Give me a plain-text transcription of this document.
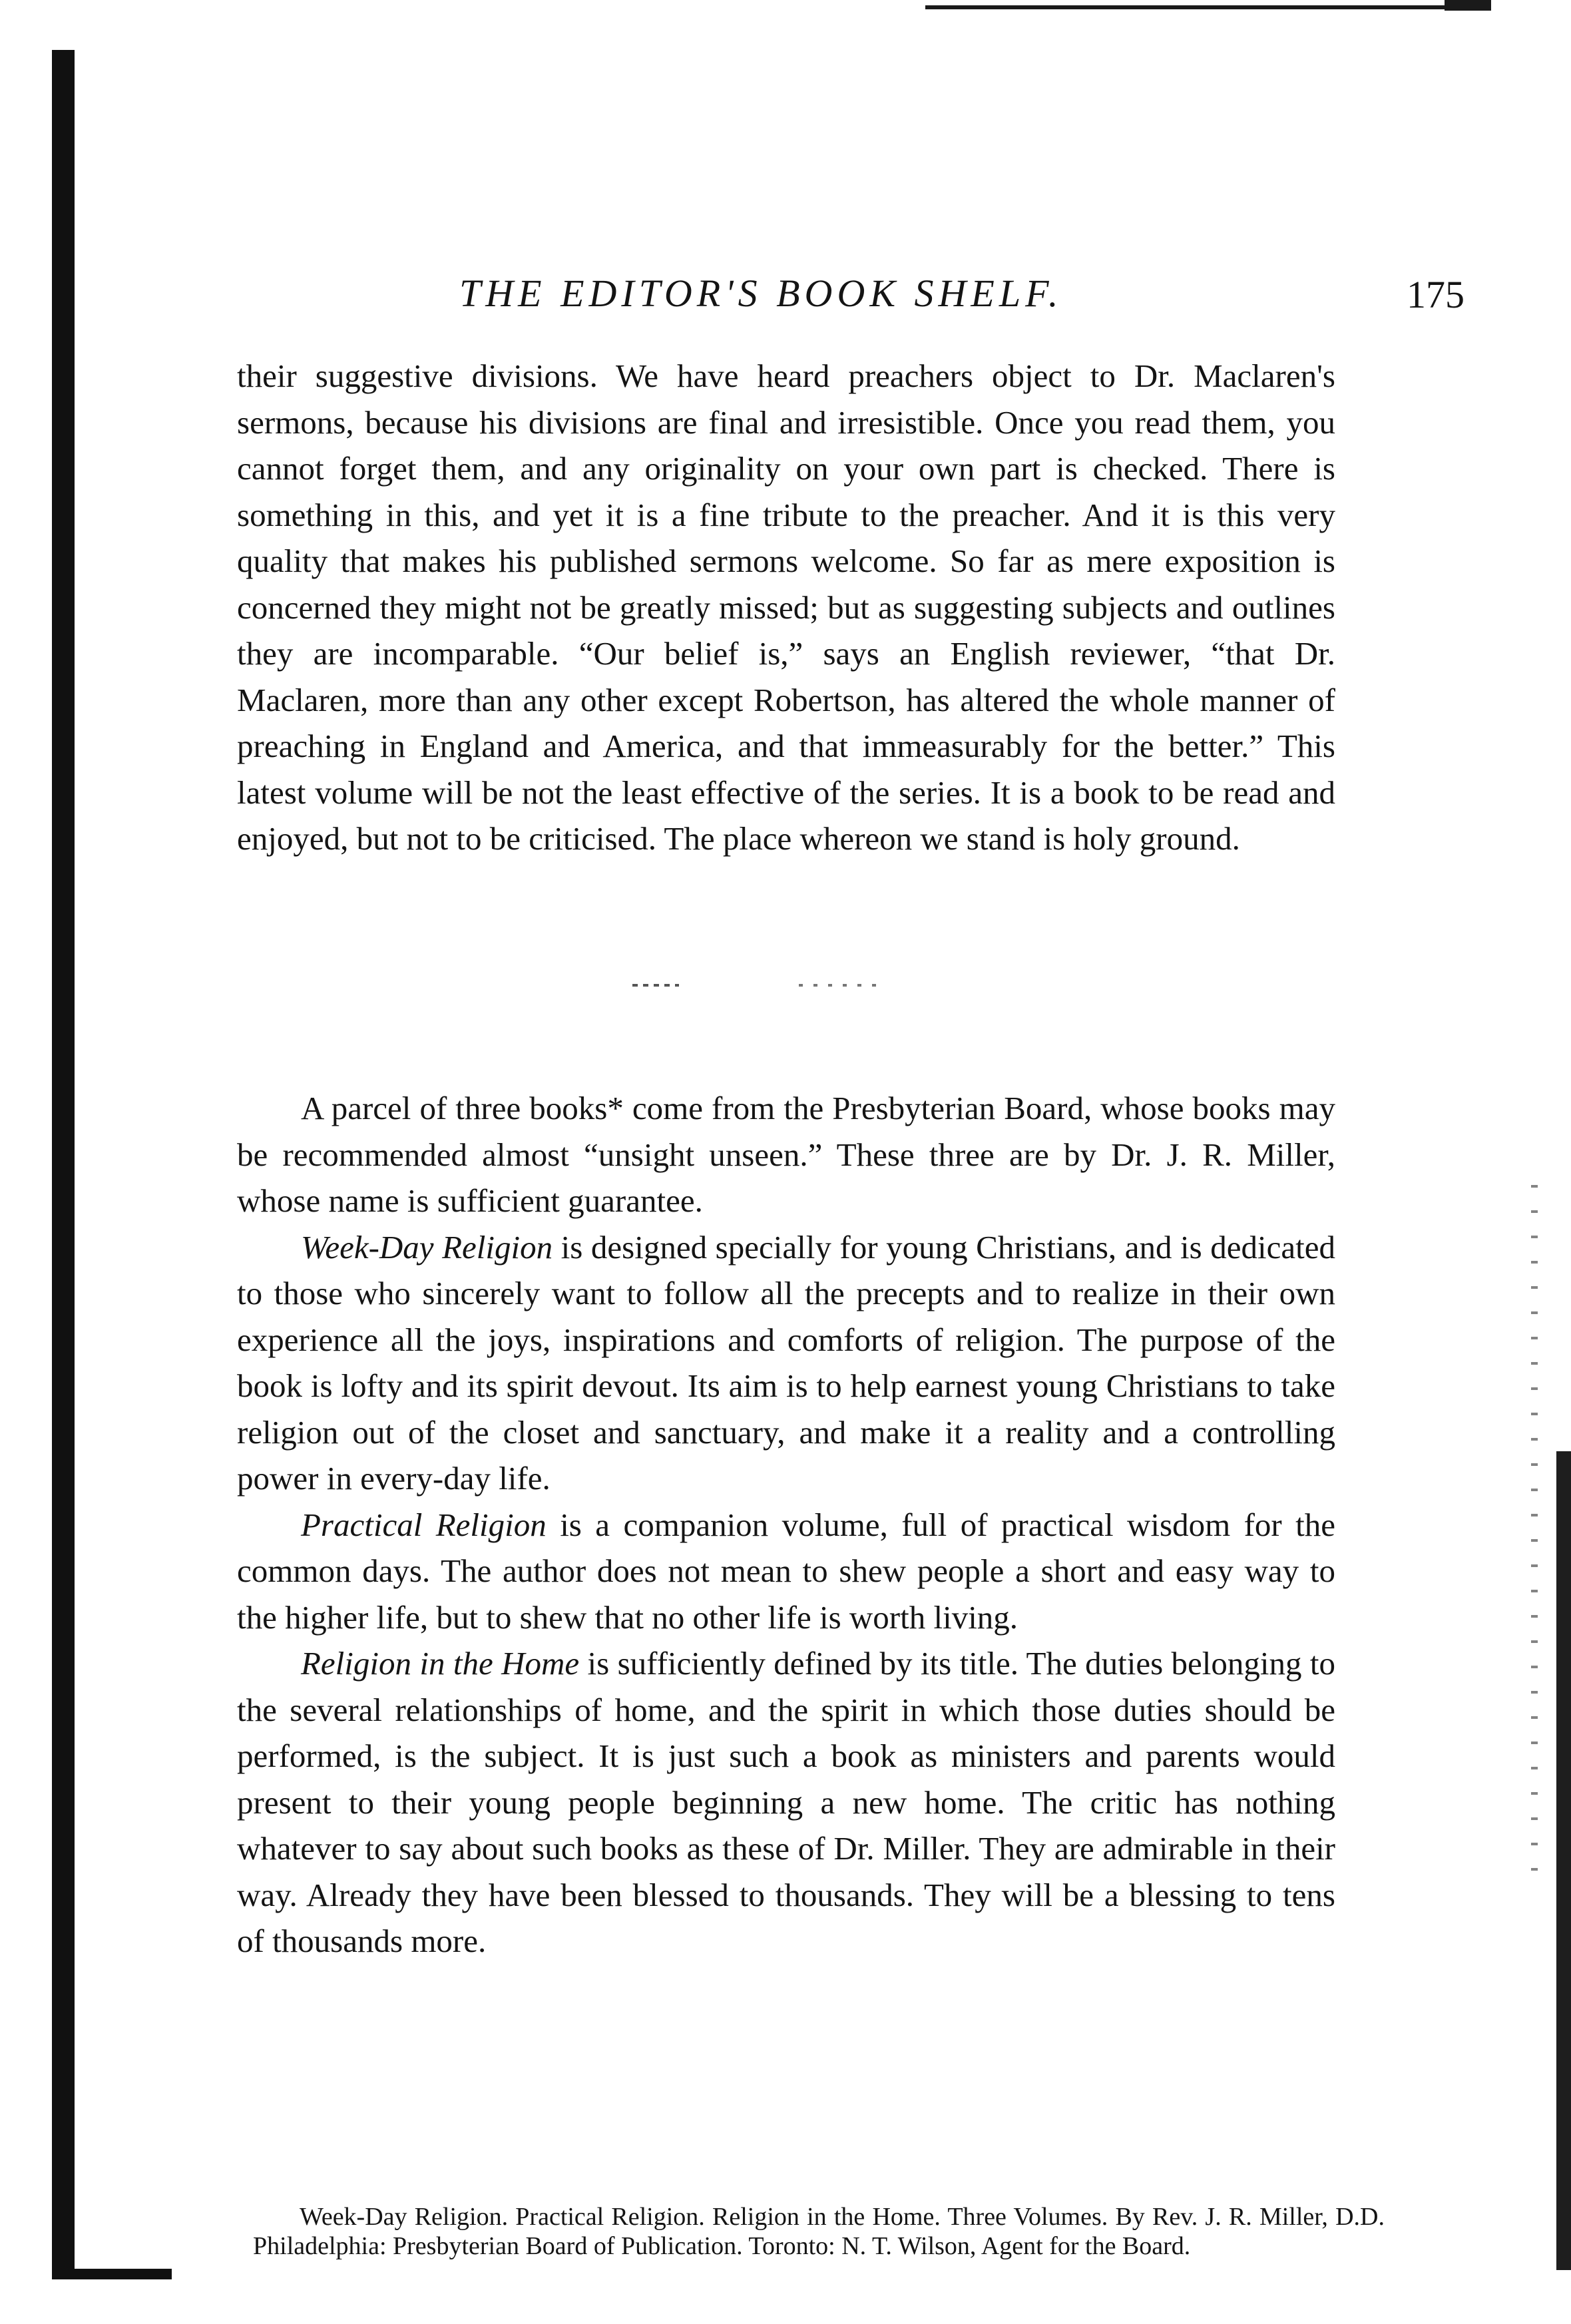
THE EDITOR'S BOOK SHELF.	175

their suggestive divisions. We have heard preachers object to Dr. Maclaren's sermons, because his divisions are final and irresistible. Once you read them, you cannot forget them, and any originality on your own part is checked. There is something in this, and yet it is a fine tribute to the preacher. And it is this very quality that makes his published sermons welcome. So far as mere exposition is concerned they might not be greatly missed; but as suggesting subjects and outlines they are incomparable. “Our belief is,” says an English reviewer, “that Dr. Maclaren, more than any other except Robertson, has altered the whole manner of preaching in England and America, and that immeasurably for the better.” This latest volume will be not the least effective of the series. It is a book to be read and enjoyed, but not to be criticised. The place whereon we stand is holy ground.

A parcel of three books* come from the Presbyterian Board, whose books may be recommended almost “unsight unseen.” These three are by Dr. J. R. Miller, whose name is sufficient guarantee.

Week-Day Religion is designed specially for young Christians, and is dedicated to those who sincerely want to follow all the precepts and to realize in their own experience all the joys, inspirations and comforts of religion. The purpose of the book is lofty and its spirit devout. Its aim is to help earnest young Christians to take religion out of the closet and sanctuary, and make it a reality and a controlling power in every-day life.

Practical Religion is a companion volume, full of practical wisdom for the common days. The author does not mean to shew people a short and easy way to the higher life, but to shew that no other life is worth living.

Religion in the Home is sufficiently defined by its title. The duties belonging to the several relationships of home, and the spirit in which those duties should be performed, is the subject. It is just such a book as ministers and parents would present to their young people beginning a new home. The critic has nothing whatever to say about such books as these of Dr. Miller. They are admirable in their way. Already they have been blessed to thousands. They will be a blessing to tens of thousands more.

Week-Day Religion. Practical Religion. Religion in the Home. Three Volumes. By Rev. J. R. Miller, D.D. Philadelphia: Presbyterian Board of Publication. Toronto: N. T. Wilson, Agent for the Board.
